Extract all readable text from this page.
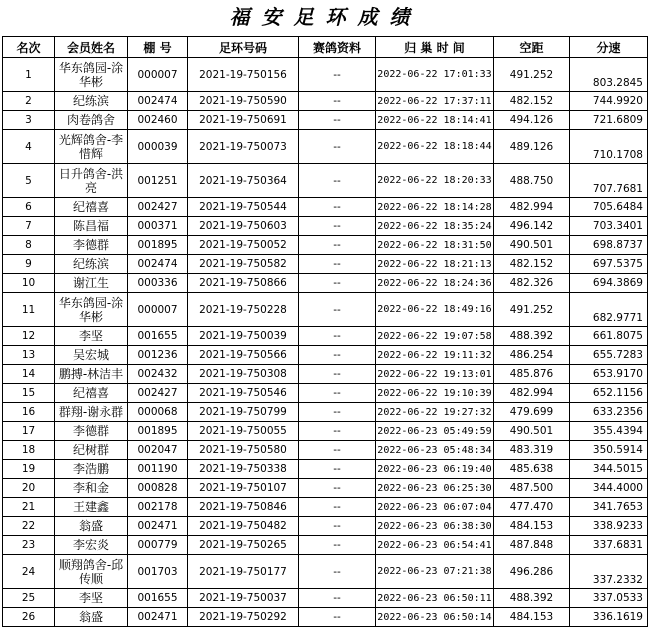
福安足环成绩
名次	会员姓名	棚 号	足环号码	赛鸽资料	归 巢 时 间	空距	分速
1	华东鸽园-涂华彬	000007	2021-19-750156	--	2022-06-22 17:01:33	491.252	803.2845
2	纪练滨	002474	2021-19-750590	--	2022-06-22 17:37:11	482.152	744.9920
3	肉卷鸽舍	002460	2021-19-750691	--	2022-06-22 18:14:41	494.126	721.6809
4	光辉鸽舍-李惜辉	000039	2021-19-750073	--	2022-06-22 18:18:44	489.126	710.1708
5	日升鸽舍-洪亮	001251	2021-19-750364	--	2022-06-22 18:20:33	488.750	707.7681
6	纪禧喜	002427	2021-19-750544	--	2022-06-22 18:14:28	482.994	705.6484
7	陈昌福	000371	2021-19-750603	--	2022-06-22 18:35:24	496.142	703.3401
8	李德群	001895	2021-19-750052	--	2022-06-22 18:31:50	490.501	698.8737
9	纪练滨	002474	2021-19-750582	--	2022-06-22 18:21:13	482.152	697.5375
10	谢江生	000336	2021-19-750866	--	2022-06-22 18:24:36	482.326	694.3869
11	华东鸽园-涂华彬	000007	2021-19-750228	--	2022-06-22 18:49:16	491.252	682.9771
12	李坚	001655	2021-19-750039	--	2022-06-22 19:07:58	488.392	661.8075
13	吴宏城	001236	2021-19-750566	--	2022-06-22 19:11:32	486.254	655.7283
14	鹏搏-林洁丰	002432	2021-19-750308	--	2022-06-22 19:13:01	485.876	653.9170
15	纪禧喜	002427	2021-19-750546	--	2022-06-22 19:10:39	482.994	652.1156
16	群翔-谢永群	000068	2021-19-750799	--	2022-06-22 19:27:32	479.699	633.2356
17	李德群	001895	2021-19-750055	--	2022-06-23 05:49:59	490.501	355.4394
18	纪树群	002047	2021-19-750580	--	2022-06-23 05:48:34	483.319	350.5914
19	李浩鹏	001190	2021-19-750338	--	2022-06-23 06:19:40	485.638	344.5015
20	李和金	000828	2021-19-750107	--	2022-06-23 06:25:30	487.500	344.4000
21	王建鑫	002178	2021-19-750846	--	2022-06-23 06:07:04	477.470	341.7653
22	翁盛	002471	2021-19-750482	--	2022-06-23 06:38:30	484.153	338.9233
23	李宏炎	000779	2021-19-750265	--	2022-06-23 06:54:41	487.848	337.6831
24	顺翔鸽舍-邱传顺	001703	2021-19-750177	--	2022-06-23 07:21:38	496.286	337.2332
25	李坚	001655	2021-19-750037	--	2022-06-23 06:50:11	488.392	337.0533
26	翁盛	002471	2021-19-750292	--	2022-06-23 06:50:14	484.153	336.1619
